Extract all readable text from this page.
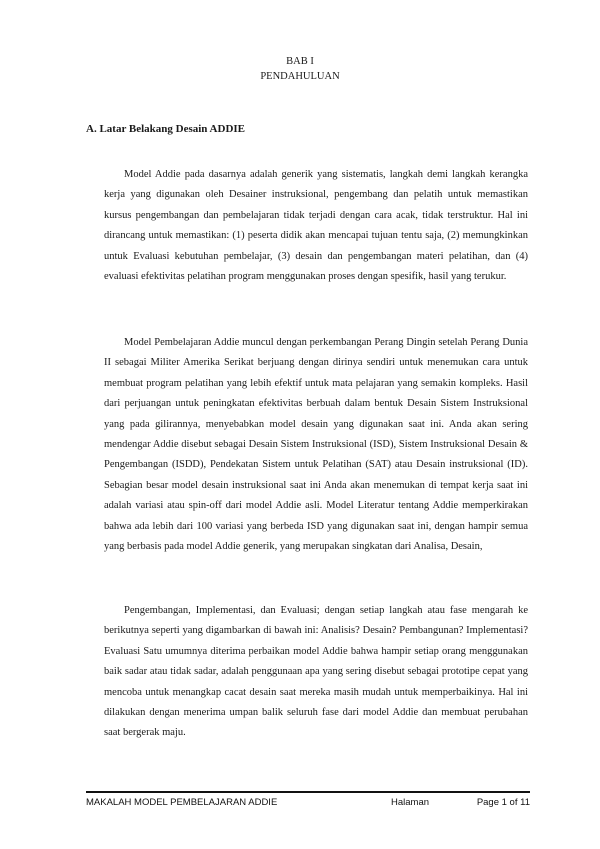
BAB I
PENDAHULUAN
A. Latar Belakang Desain ADDIE

Model Addie pada dasarnya adalah generik yang sistematis, langkah demi langkah kerangka kerja yang digunakan oleh Desainer instruksional, pengembang dan pelatih untuk memastikan kursus pengembangan dan pembelajaran tidak terjadi dengan cara acak, tidak terstruktur. Hal ini dirancang untuk memastikan: (1) peserta didik akan mencapai tujuan tentu saja, (2) memungkinkan untuk Evaluasi kebutuhan pembelajar, (3) desain dan pengembangan materi pelatihan, dan (4) evaluasi efektivitas pelatihan program menggunakan proses dengan spesifik, hasil yang terukur.

Model Pembelajaran Addie muncul dengan perkembangan Perang Dingin setelah Perang Dunia II sebagai Militer Amerika Serikat berjuang dengan dirinya sendiri untuk menemukan cara untuk membuat program pelatihan yang lebih efektif untuk mata pelajaran yang semakin kompleks. Hasil dari perjuangan untuk peningkatan efektivitas berbuah dalam bentuk Desain Sistem Instruksional yang pada gilirannya, menyebabkan model desain yang digunakan saat ini. Anda akan sering mendengar Addie disebut sebagai Desain Sistem Instruksional (ISD), Sistem Instruksional Desain & Pengembangan (ISDD), Pendekatan Sistem untuk Pelatihan (SAT) atau Desain instruksional (ID). Sebagian besar model desain instruksional saat ini Anda akan menemukan di tempat kerja saat ini adalah variasi atau spin-off dari model Addie asli. Model Literatur tentang Addie memperkirakan bahwa ada lebih dari 100 variasi yang berbeda ISD yang digunakan saat ini, dengan hampir semua yang berbasis pada model Addie generik, yang merupakan singkatan dari Analisa, Desain,

Pengembangan, Implementasi, dan Evaluasi; dengan setiap langkah atau fase mengarah ke berikutnya seperti yang digambarkan di bawah ini: Analisis? Desain? Pembangunan? Implementasi? Evaluasi Satu umumnya diterima perbaikan model Addie bahwa hampir setiap orang menggunakan baik sadar atau tidak sadar, adalah penggunaan apa yang sering disebut sebagai prototipe cepat yang mencoba untuk menangkap cacat desain saat mereka masih mudah untuk memperbaikinya. Hal ini dilakukan dengan menerima umpan balik seluruh fase dari model Addie dan membuat perubahan saat bergerak maju.

MAKALAH MODEL PEMBELAJARAN ADDIE	Halaman	Page 1 of 11
